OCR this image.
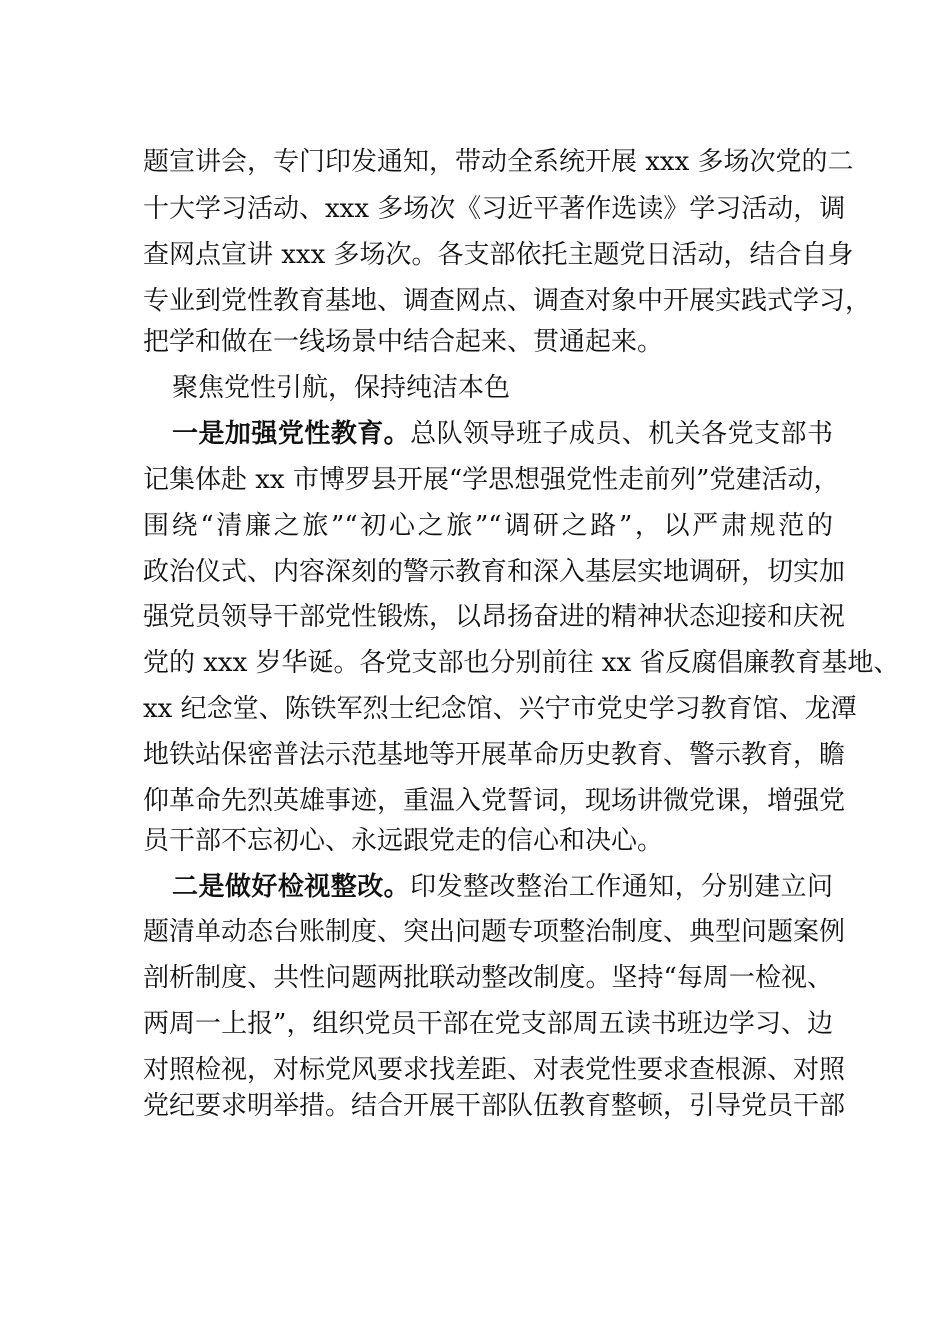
题宣讲会，专门印发通知，带动全系统开展 xxx 多场次党的二
十大学习活动、xxx 多场次《习近平著作选读》学习活动，调
查网点宣讲 xxx 多场次。各支部依托主题党日活动，结合自身
专业到党性教育基地、调查网点、调查对象中开展实践式学习，
把学和做在一线场景中结合起来、贯通起来。
聚焦党性引航，保持纯洁本色
一是加强党性教育。总队领导班子成员、机关各党支部书
记集体赴 xx 市博罗县开展“学思想强党性走前列”党建活动，
围绕“清廉之旅”“初心之旅”“调研之路”，以严肃规范的
政治仪式、内容深刻的警示教育和深入基层实地调研，切实加
强党员领导干部党性锻炼，以昂扬奋进的精神状态迎接和庆祝
党的 xxx 岁华诞。各党支部也分别前往 xx 省反腐倡廉教育基地、
xx 纪念堂、陈铁军烈士纪念馆、兴宁市党史学习教育馆、龙潭
地铁站保密普法示范基地等开展革命历史教育、警示教育，瞻
仰革命先烈英雄事迹，重温入党誓词，现场讲微党课，增强党
员干部不忘初心、永远跟党走的信心和决心。
二是做好检视整改。印发整改整治工作通知，分别建立问
题清单动态台账制度、突出问题专项整治制度、典型问题案例
剖析制度、共性问题两批联动整改制度。坚持“每周一检视、
两周一上报”，组织党员干部在党支部周五读书班边学习、边
对照检视，对标党风要求找差距、对表党性要求查根源、对照
党纪要求明举措。结合开展干部队伍教育整顿，引导党员干部
